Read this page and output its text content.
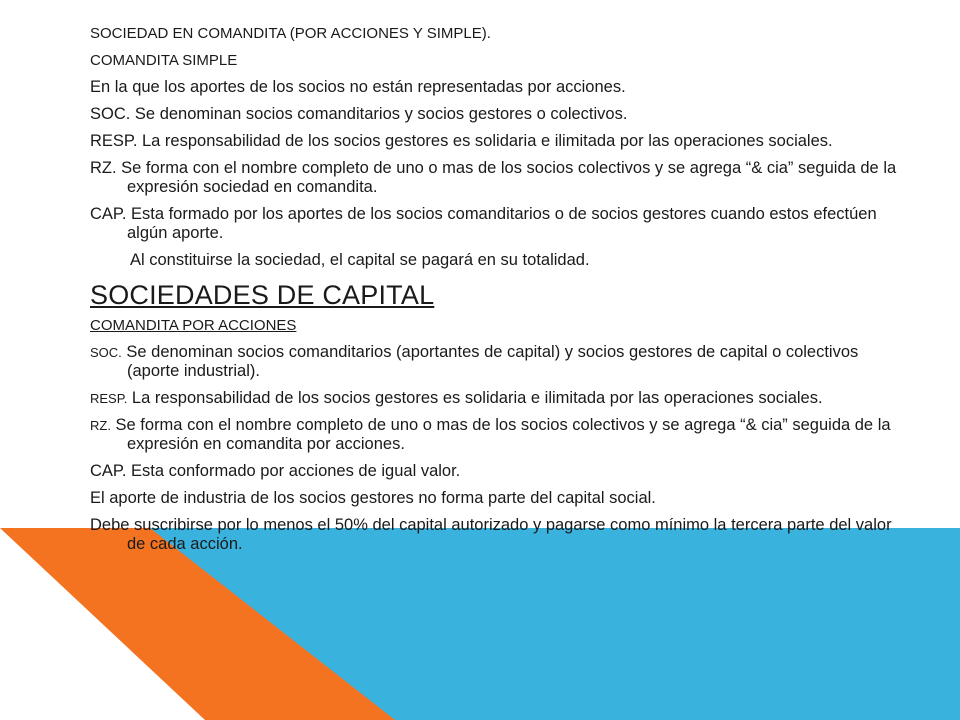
SOCIEDAD EN COMANDITA (POR ACCIONES Y SIMPLE).

COMANDITA SIMPLE

En la que los aportes de los socios no están representadas por acciones.

SOC. Se denominan socios comanditarios y socios gestores o colectivos.

RESP. La responsabilidad de los socios gestores es solidaria e ilimitada por las operaciones sociales.

RZ. Se forma con el nombre completo de uno o mas de los socios colectivos y se agrega “& cia” seguida de la expresión sociedad en comandita.

CAP. Esta formado por los aportes de los socios comanditarios o de socios gestores cuando estos efectúen algún aporte.

Al constituirse la sociedad, el capital se pagará en su totalidad.

SOCIEDADES DE CAPITAL

COMANDITA POR ACCIONES

SOC. Se denominan socios comanditarios (aportantes de capital) y socios gestores de capital o colectivos (aporte industrial).

RESP. La responsabilidad de los socios gestores es solidaria e ilimitada por las operaciones sociales.

RZ. Se forma con el nombre completo de uno o mas de los socios colectivos y se agrega “& cia” seguida de la expresión en comandita por acciones.

CAP. Esta conformado por acciones de igual valor.

El aporte de industria de los socios gestores no forma parte del capital social.

Debe suscribirse por lo menos el 50% del capital autorizado y pagarse como mínimo la tercera parte del valor de cada acción.
